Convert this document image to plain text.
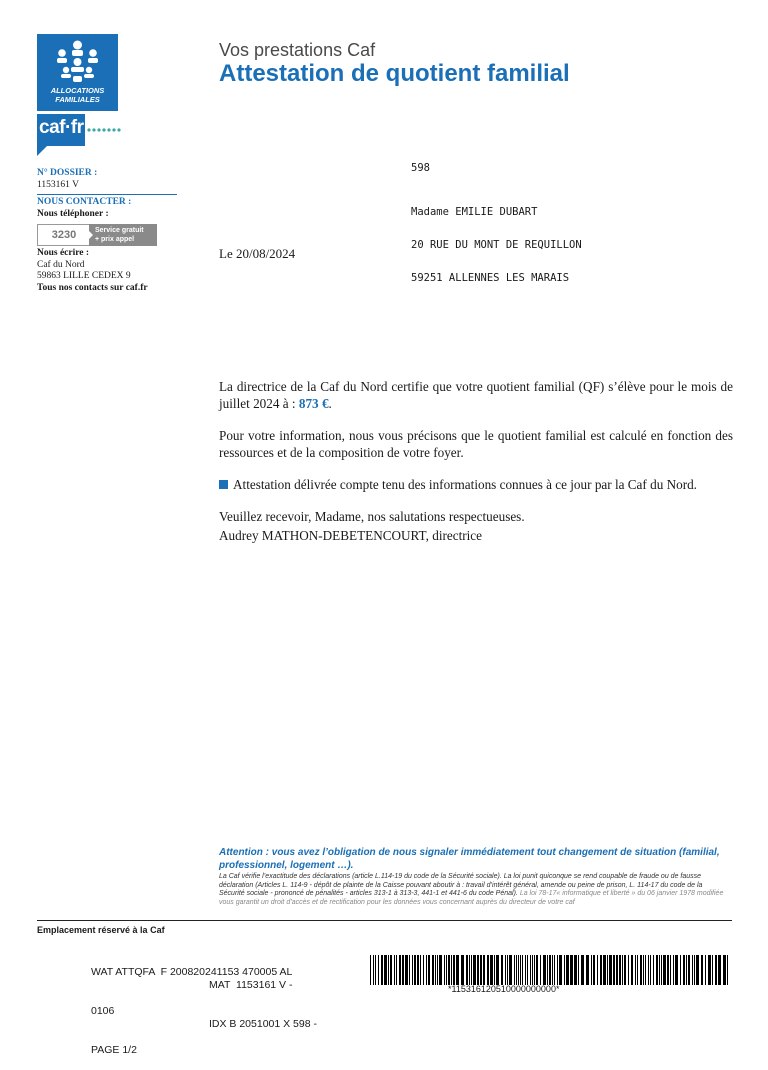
ALLOCATIONS
FAMILIALES
caf·fr
Vos prestations Caf
Attestation de quotient familial
N° DOSSIER :
1153161 V
NOUS CONTACTER :
Nous téléphoner :
3230	Service gratuit
+ prix appel
Nous écrire :
Caf du Nord
59863 LILLE CEDEX 9
Tous nos contacts sur caf.fr
598

Madame EMILIE DUBART

20 RUE DU MONT DE REQUILLON

59251 ALLENNES LES MARAIS

Le 20/08/2024

La directrice de la Caf du Nord certifie que votre quotient familial (QF) s’élève pour le mois de juillet 2024 à : 873 €.

Pour votre information, nous vous précisons que le quotient familial est calculé en fonction des ressources et de la composition de votre foyer.

Attestation délivrée compte tenu des informations connues à ce jour par la Caf du Nord.

Veuillez recevoir, Madame, nos salutations respectueuses.

Audrey MATHON-DEBETENCOURT, directrice

Attention : vous avez l’obligation de nous signaler immédiatement tout changement de situation (familial, professionnel, logement …).
La Caf vérifie l’exactitude des déclarations (article L.114-19 du code de la Sécurité sociale). La loi punit quiconque se rend coupable de fraude ou de fausse déclaration (Articles L. 114-9 - dépôt de plainte de la Caisse pouvant aboutir à : travail d’intérêt général, amende ou peine de prison, L. 114-17 du code de la Sécurité sociale - prononcé de pénalités - articles 313-1 à 313-3, 441-1 et 441-6 du code Pénal). La loi 78-17« informatique et liberté » du 06 janvier 1978 modifiée vous garantit un droit d’accès et de rectification pour les données vous concernant auprès du directeur de votre caf
Emplacement réservé à la Caf

WAT ATTQFA  F 200820241153 470005 AL

0106

PAGE 1/2

MAT  1153161 V -

IDX B 2051001 X 598 -

*115316120510000000000*
